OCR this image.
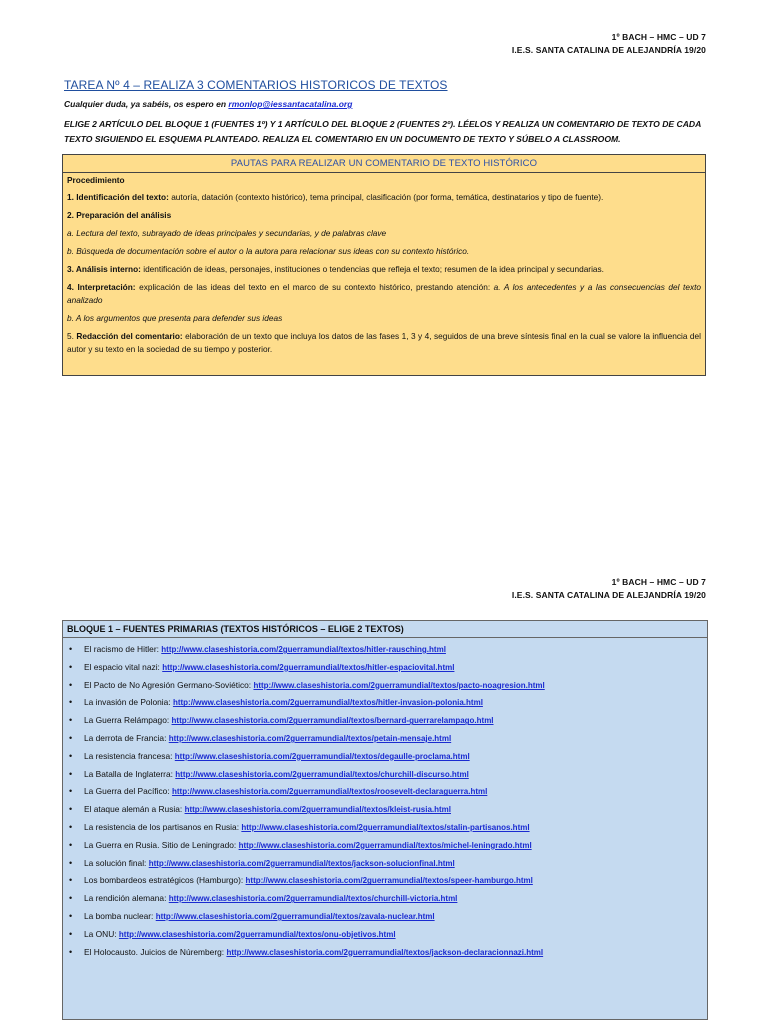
1º BACH – HMC – UD 7
I.E.S. SANTA CATALINA DE ALEJANDRÍA 19/20
TAREA Nº 4 – REALIZA 3 COMENTARIOS HISTORICOS DE TEXTOS
Cualquier duda, ya sabéis, os espero en rmonlop@iessantacatalina.org
ELIGE 2 ARTÍCULO DEL BLOQUE 1 (FUENTES 1º) Y 1 ARTÍCULO DEL BLOQUE 2 (FUENTES 2º). LÉELOS Y REALIZA UN COMENTARIO DE TEXTO DE CADA TEXTO SIGUIENDO EL ESQUEMA PLANTEADO. REALIZA EL COMENTARIO EN UN DOCUMENTO DE TEXTO Y SÚBELO A CLASSROOM.
PAUTAS PARA REALIZAR UN COMENTARIO DE TEXTO HISTÓRICO

Procedimiento

1. Identificación del texto: autoría, datación (contexto histórico), tema principal, clasificación (por forma, temática, destinatarios y tipo de fuente).

2. Preparación del análisis

a. Lectura del texto, subrayado de ideas principales y secundarias, y de palabras clave

b. Búsqueda de documentación sobre el autor o la autora para relacionar sus ideas con su contexto histórico.

3. Análisis interno: identificación de ideas, personajes, instituciones o tendencias que refleja el texto; resumen de la idea principal y secundarias.

4. Interpretación: explicación de las ideas del texto en el marco de su contexto histórico, prestando atención: a. A los antecedentes y a las consecuencias del texto analizado

b. A los argumentos que presenta para defender sus ideas

5. Redacción del comentario: elaboración de un texto que incluya los datos de las fases 1, 3 y 4, seguidos de una breve síntesis final en la cual se valore la influencia del autor y su texto en la sociedad de su tiempo y posterior.

1º BACH – HMC – UD 7
I.E.S. SANTA CATALINA DE ALEJANDRÍA 19/20
BLOQUE 1 – FUENTES PRIMARIAS (TEXTOS HISTÓRICOS – ELIGE 2 TEXTOS)
• El racismo de Hitler: http://www.claseshistoria.com/2guerramundial/textos/hitler-rausching.html
• El espacio vital nazi: http://www.claseshistoria.com/2guerramundial/textos/hitler-espaciovital.html
• El Pacto de No Agresión Germano-Soviético: http://www.claseshistoria.com/2guerramundial/textos/pacto-noagresion.html
• La invasión de Polonia: http://www.claseshistoria.com/2guerramundial/textos/hitler-invasion-polonia.html
• La Guerra Relámpago: http://www.claseshistoria.com/2guerramundial/textos/bernard-guerrarelampago.html
• La derrota de Francia: http://www.claseshistoria.com/2guerramundial/textos/petain-mensaje.html
• La resistencia francesa: http://www.claseshistoria.com/2guerramundial/textos/degaulle-proclama.html
• La Batalla de Inglaterra: http://www.claseshistoria.com/2guerramundial/textos/churchill-discurso.html
• La Guerra del Pacífico: http://www.claseshistoria.com/2guerramundial/textos/roosevelt-declaraguerra.html
• El ataque alemán a Rusia: http://www.claseshistoria.com/2guerramundial/textos/kleist-rusia.html
• La resistencia de los partisanos en Rusia: http://www.claseshistoria.com/2guerramundial/textos/stalin-partisanos.html
• La Guerra en Rusia. Sitio de Leningrado: http://www.claseshistoria.com/2guerramundial/textos/michel-leningrado.html
• La solución final: http://www.claseshistoria.com/2guerramundial/textos/jackson-solucionfinal.html
• Los bombardeos estratégicos (Hamburgo): http://www.claseshistoria.com/2guerramundial/textos/speer-hamburgo.html
• La rendición alemana: http://www.claseshistoria.com/2guerramundial/textos/churchill-victoria.html
• La bomba nuclear: http://www.claseshistoria.com/2guerramundial/textos/zavala-nuclear.html
• La ONU: http://www.claseshistoria.com/2guerramundial/textos/onu-objetivos.html
• El Holocausto. Juicios de Núremberg: http://www.claseshistoria.com/2guerramundial/textos/jackson-declaracionnazi.html
